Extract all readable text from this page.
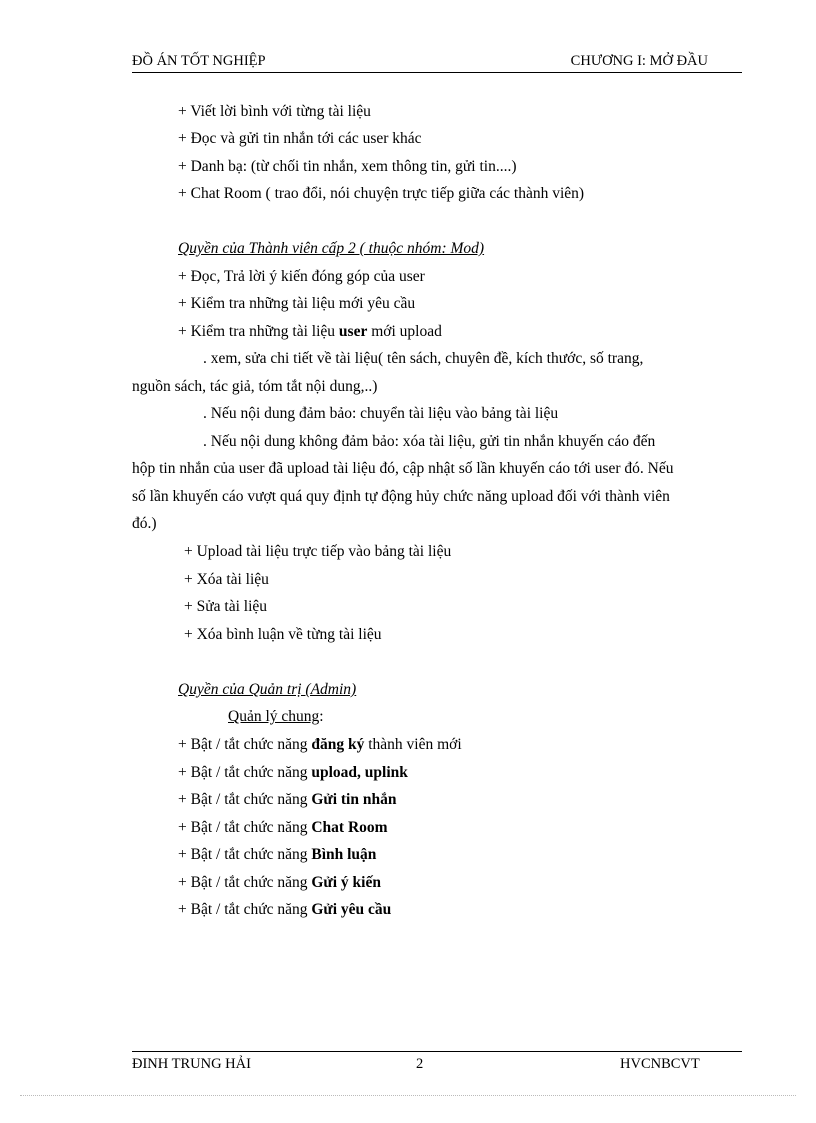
ĐỒ ÁN TỐT NGHIỆP	CHƯƠNG I: MỞ ĐẦU
+ Viết lời bình với từng tài liệu
+ Đọc và gửi tin nhắn tới các user khác
+ Danh bạ: (từ chối tin nhắn, xem thông tin, gửi tin....)
+ Chat Room ( trao đổi, nói chuyện trực tiếp giữa các thành viên)
Quyền của Thành viên cấp 2 ( thuộc nhóm: Mod)
+ Đọc, Trả lời ý kiến đóng góp của user
+ Kiểm tra những tài liệu mới yêu cầu
+ Kiểm tra những tài liệu user mới upload
. xem, sửa chi tiết về tài liệu( tên sách, chuyên đề, kích thước, số trang,
nguồn sách, tác giả, tóm tắt nội dung,..)
. Nếu nội dung đảm bảo: chuyển tài liệu vào bảng tài liệu
. Nếu nội dung không đảm bảo: xóa tài liệu, gửi tin nhắn khuyến cáo đến
hộp tin nhắn của user đã upload tài liệu đó, cập nhật số lần khuyến cáo tới user đó. Nếu
số lần khuyến cáo vượt quá quy định tự động hủy chức năng upload đối với thành viên
đó.)
+ Upload tài liệu trực tiếp vào bảng tài liệu
+ Xóa tài liệu
+ Sửa tài liệu
+ Xóa bình luận về từng tài liệu
Quyền của Quản trị (Admin)
Quản lý chung:
+ Bật / tắt chức năng đăng ký thành viên mới
+ Bật / tắt chức năng upload, uplink
+ Bật / tắt chức năng Gửi tin nhắn
+ Bật / tắt chức năng Chat Room
+ Bật / tắt chức năng Bình luận
+ Bật / tắt chức năng Gửi ý kiến
+ Bật / tắt chức năng Gửi yêu cầu
ĐINH TRUNG HẢI	2	HVCNBCVT
